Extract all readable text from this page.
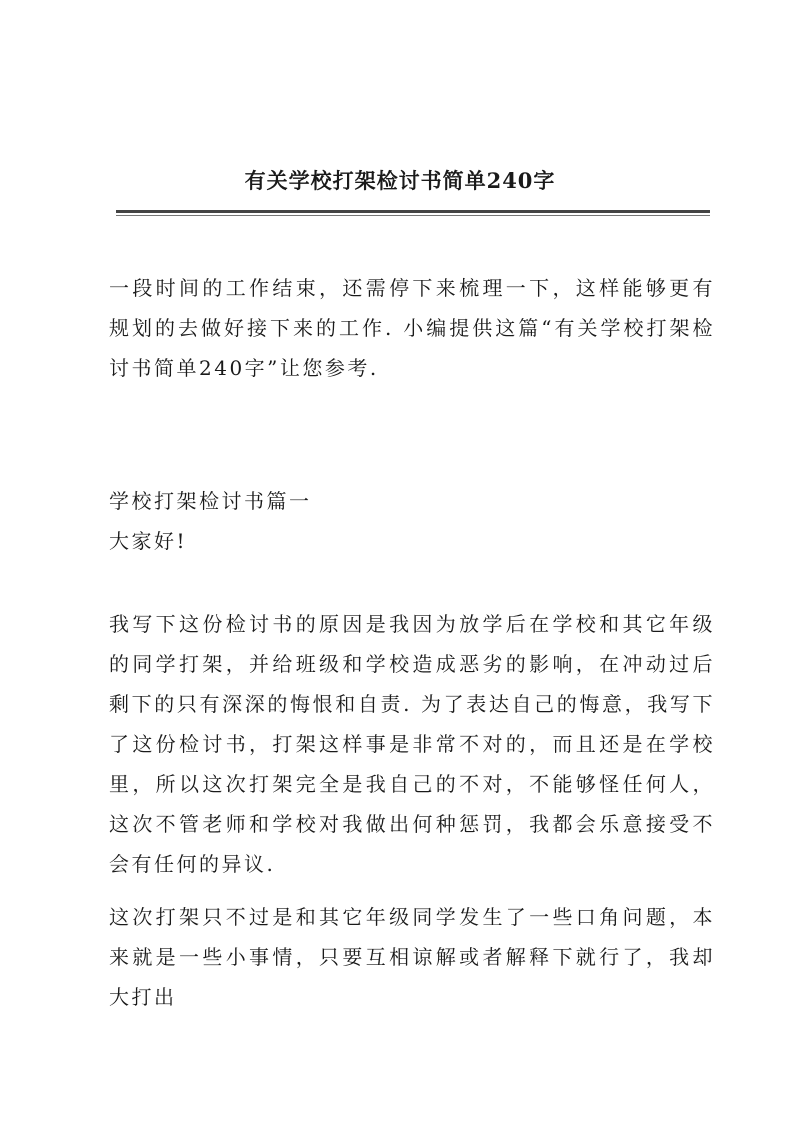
有关学校打架检讨书简单240字

一段时间的工作结束，还需停下来梳理一下，这样能够更有规划的去做好接下来的工作. 小编提供这篇“有关学校打架检讨书简单240字”让您参考.

学校打架检讨书篇一

大家好!

我写下这份检讨书的原因是我因为放学后在学校和其它年级的同学打架，并给班级和学校造成恶劣的影响，在冲动过后剩下的只有深深的悔恨和自责. 为了表达自己的悔意，我写下了这份检讨书，打架这样事是非常不对的，而且还是在学校里，所以这次打架完全是我自己的不对，不能够怪任何人，这次不管老师和学校对我做出何种惩罚，我都会乐意接受不会有任何的异议.

这次打架只不过是和其它年级同学发生了一些口角问题，本来就是一些小事情，只要互相谅解或者解释下就行了，我却大打出
